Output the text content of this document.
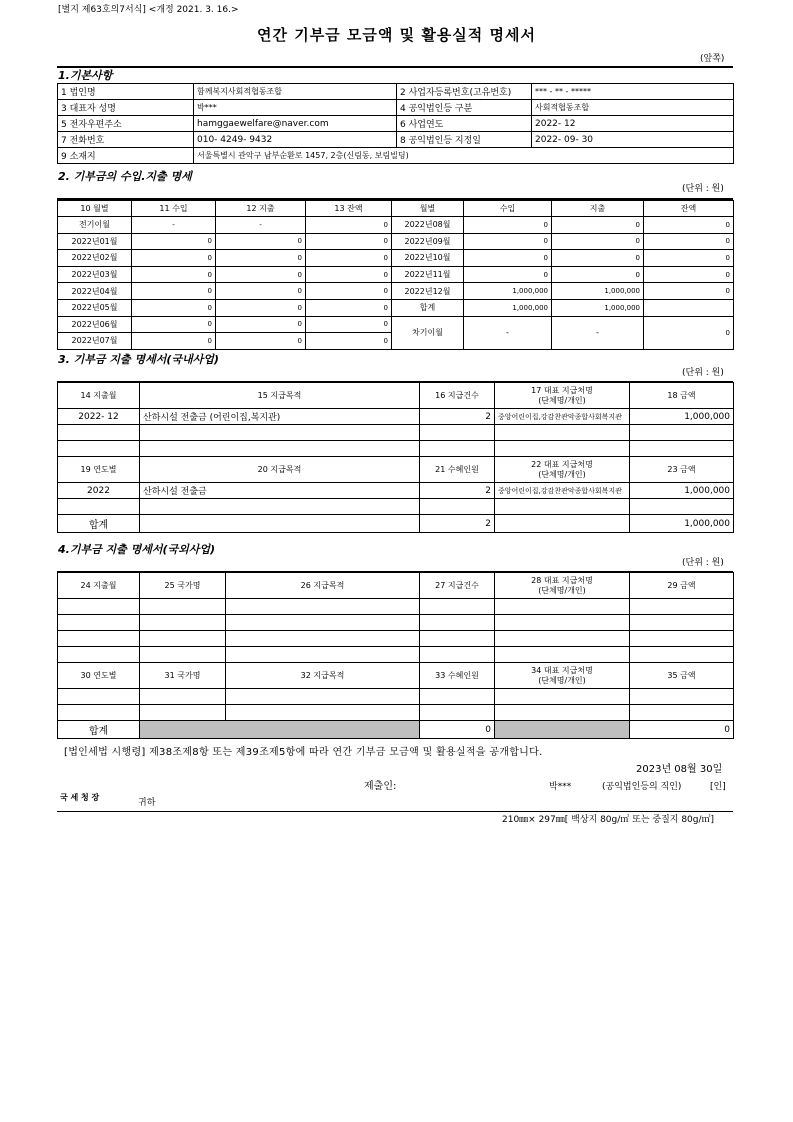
[별지 제63호의7서식] <개정 2021. 3. 16.>
연간 기부금 모금액 및 활용실적 명세서
(앞쪽)
1.기본사항
1 법인명	함께복지사회적협동조합	2 사업자등록번호(고유번호)	*** - ** - *****
3 대표자 성명	박***	4 공익법인등 구분	사회적협동조합
5 전자우편주소	hamggaewelfare@naver.com	6 사업연도	2022- 12
7 전화번호	010- 4249- 9432	8 공익법인등 지정일	2022- 09- 30
9 소재지	서울특별시 관악구 남부순환로 1457, 2층(신림동, 보림빌딩)		
2. 기부금의 수입.지출 명세
(단위 : 원)
10 월별	11 수입	12 지출	13 잔액	월별	수입	지출	잔액
전기이월	-	-	0	2022년08월	0	0	0
2022년01월	0	0	0	2022년09월	0	0	0
2022년02월	0	0	0	2022년10월	0	0	0
2022년03월	0	0	0	2022년11월	0	0	0
2022년04월	0	0	0	2022년12월	1,000,000	1,000,000	0
2022년05월	0	0	0	합계	1,000,000	1,000,000	
2022년06월	0	0	0	차기이월	-	-	0
2022년07월	0	0	0				
3. 기부금 지출 명세서(국내사업)
(단위 : 원)
14 지출월	15 지급목적	16 지급건수	17 대표 지급처명
(단체명/개인)	18 금액
2022- 12	산하시설 전출금 (어린이집,복지관)	2	중앙어린이집,강감찬관악종합사회복지관	1,000,000

19 연도별	20 지급목적	21 수혜인원	22 대표 지급처명
(단체명/개인)	23 금액
2022	산하시설 전출금	2	중앙어린이집,강감찬관악종합사회복지관	1,000,000

합계		2		1,000,000
4.기부금 지출 명세서(국외사업)
(단위 : 원)
24 지출월	25 국가명	26 지급목적	27 지급건수	28 대표 지급처명
(단체명/개인)	29 금액

30 연도별	31 국가명	32 지급목적	33 수혜인원	34 대표 지급처명
(단체명/개인)	35 금액

합계			0		0
[법인세법 시행령] 제38조제8항 또는 제39조제5항에 따라 연간 기부금 모금액 및 활용실적을 공개합니다.
2023년 08월 30일
제출인:	박***	(공익법인등의 직인)	[인]
국 세 청 장
귀하
210㎜× 297㎜[ 백상지 80g/㎡ 또는 중질지 80g/㎡]
